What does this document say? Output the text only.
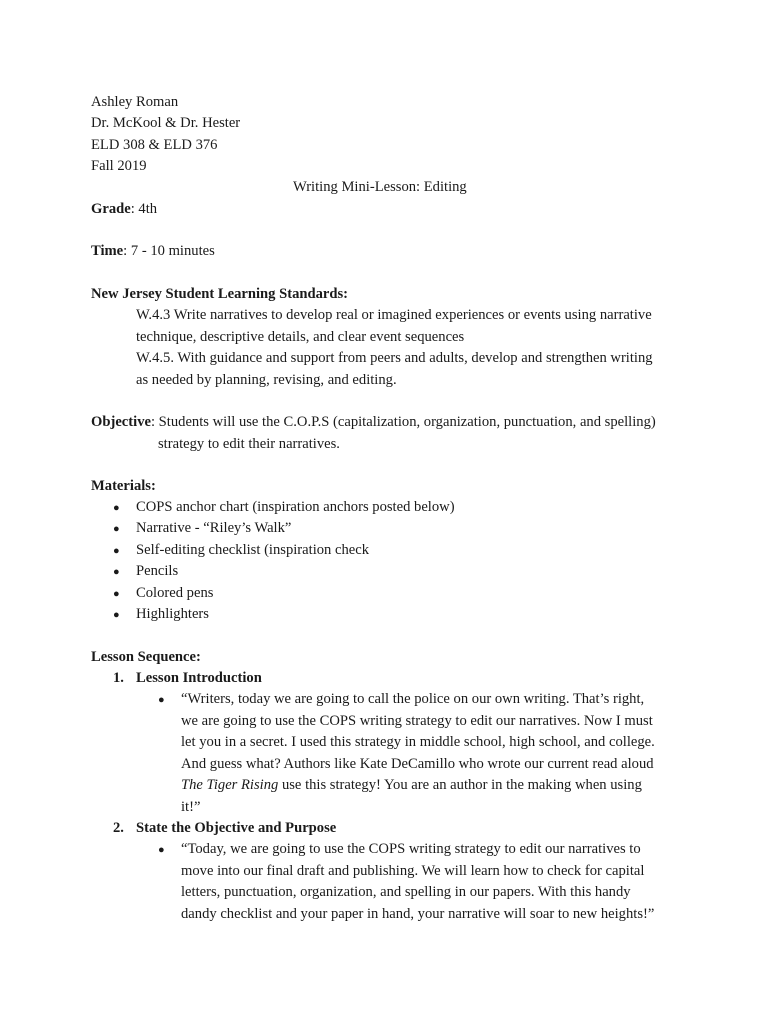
Ashley Roman
Dr. McKool & Dr. Hester
ELD 308 & ELD 376
Fall 2019
Writing Mini-Lesson: Editing
Grade: 4th
Time: 7 - 10 minutes
New Jersey Student Learning Standards:
W.4.3 Write narratives to develop real or imagined experiences or events using narrative
technique, descriptive details, and clear event sequences
W.4.5. With guidance and support from peers and adults, develop and strengthen writing
as needed by planning, revising, and editing.
Objective: Students will use the C.O.P.S (capitalization, organization, punctuation, and spelling)
strategy to edit their narratives.
Materials:
● COPS anchor chart (inspiration anchors posted below)
● Narrative - “Riley’s Walk”
● Self-editing checklist (inspiration check
● Pencils
● Colored pens
● Highlighters
Lesson Sequence:
1. Lesson Introduction
● “Writers, today we are going to call the police on our own writing. That’s right,
we are going to use the COPS writing strategy to edit our narratives. Now I must
let you in a secret. I used this strategy in middle school, high school, and college.
And guess what? Authors like Kate DeCamillo who wrote our current read aloud
The Tiger Rising use this strategy! You are an author in the making when using
it!”
2. State the Objective and Purpose
● “Today, we are going to use the COPS writing strategy to edit our narratives to
move into our final draft and publishing. We will learn how to check for capital
letters, punctuation, organization, and spelling in our papers. With this handy
dandy checklist and your paper in hand, your narrative will soar to new heights!”
